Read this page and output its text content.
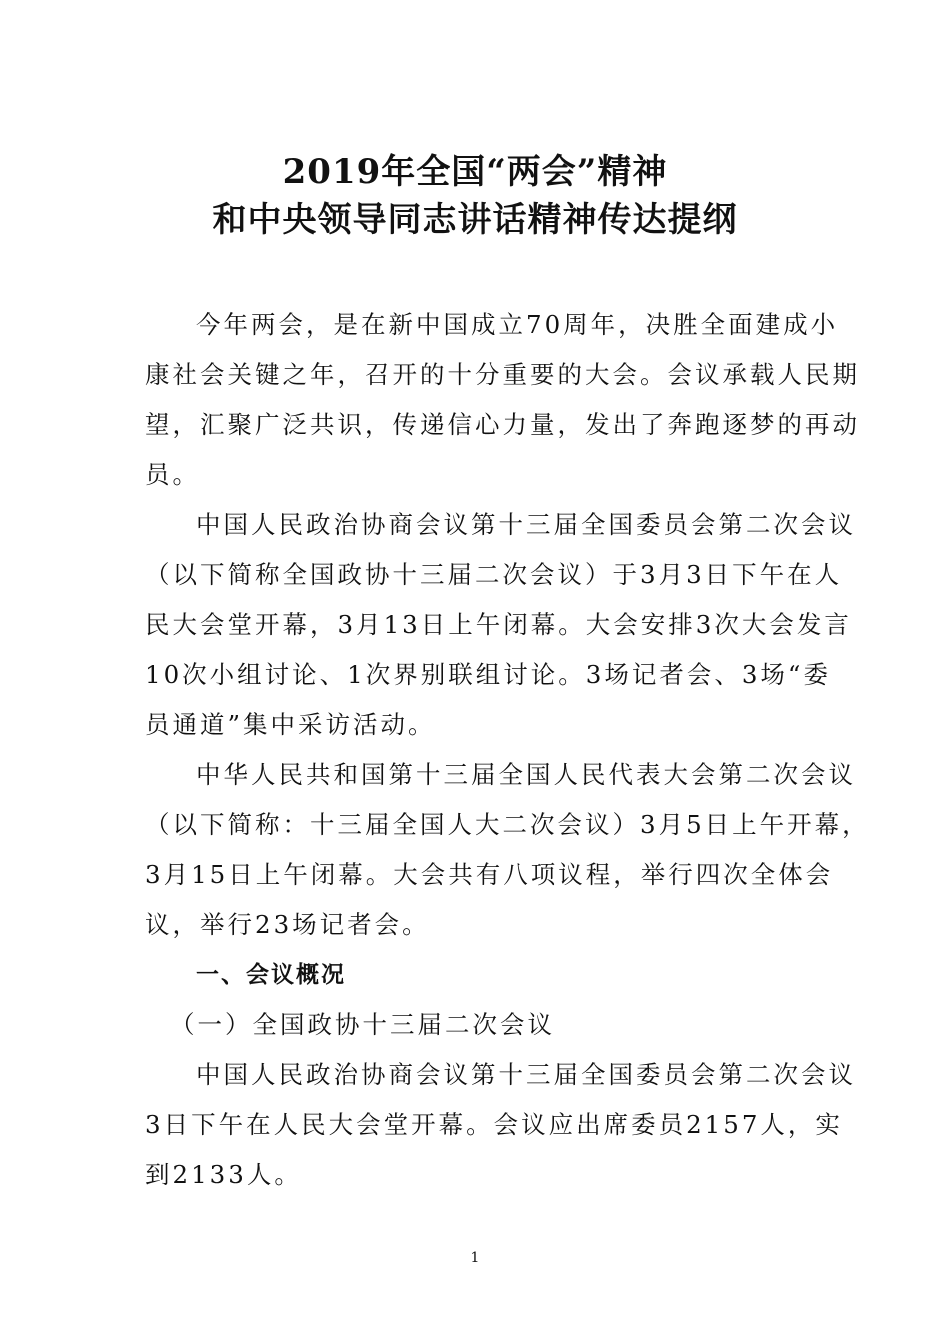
2019年全国“两会”精神
和中央领导同志讲话精神传达提纲
今年两会，是在新中国成立70周年，决胜全面建成小
康社会关键之年，召开的十分重要的大会。会议承载人民期
望，汇聚广泛共识，传递信心力量，发出了奔跑逐梦的再动
员。
中国人民政治协商会议第十三届全国委员会第二次会议
（以下简称全国政协十三届二次会议）于3月3日下午在人
民大会堂开幕，3月13日上午闭幕。大会安排3次大会发言
10次小组讨论、1次界别联组讨论。3场记者会、3场“委
员通道”集中采访活动。
中华人民共和国第十三届全国人民代表大会第二次会议
（以下简称：十三届全国人大二次会议）3月5日上午开幕，
3月15日上午闭幕。大会共有八项议程，举行四次全体会
议，举行23场记者会。
一、会议概况
（一）全国政协十三届二次会议
中国人民政治协商会议第十三届全国委员会第二次会议
3日下午在人民大会堂开幕。会议应出席委员2157人，实
到2133人。
1
